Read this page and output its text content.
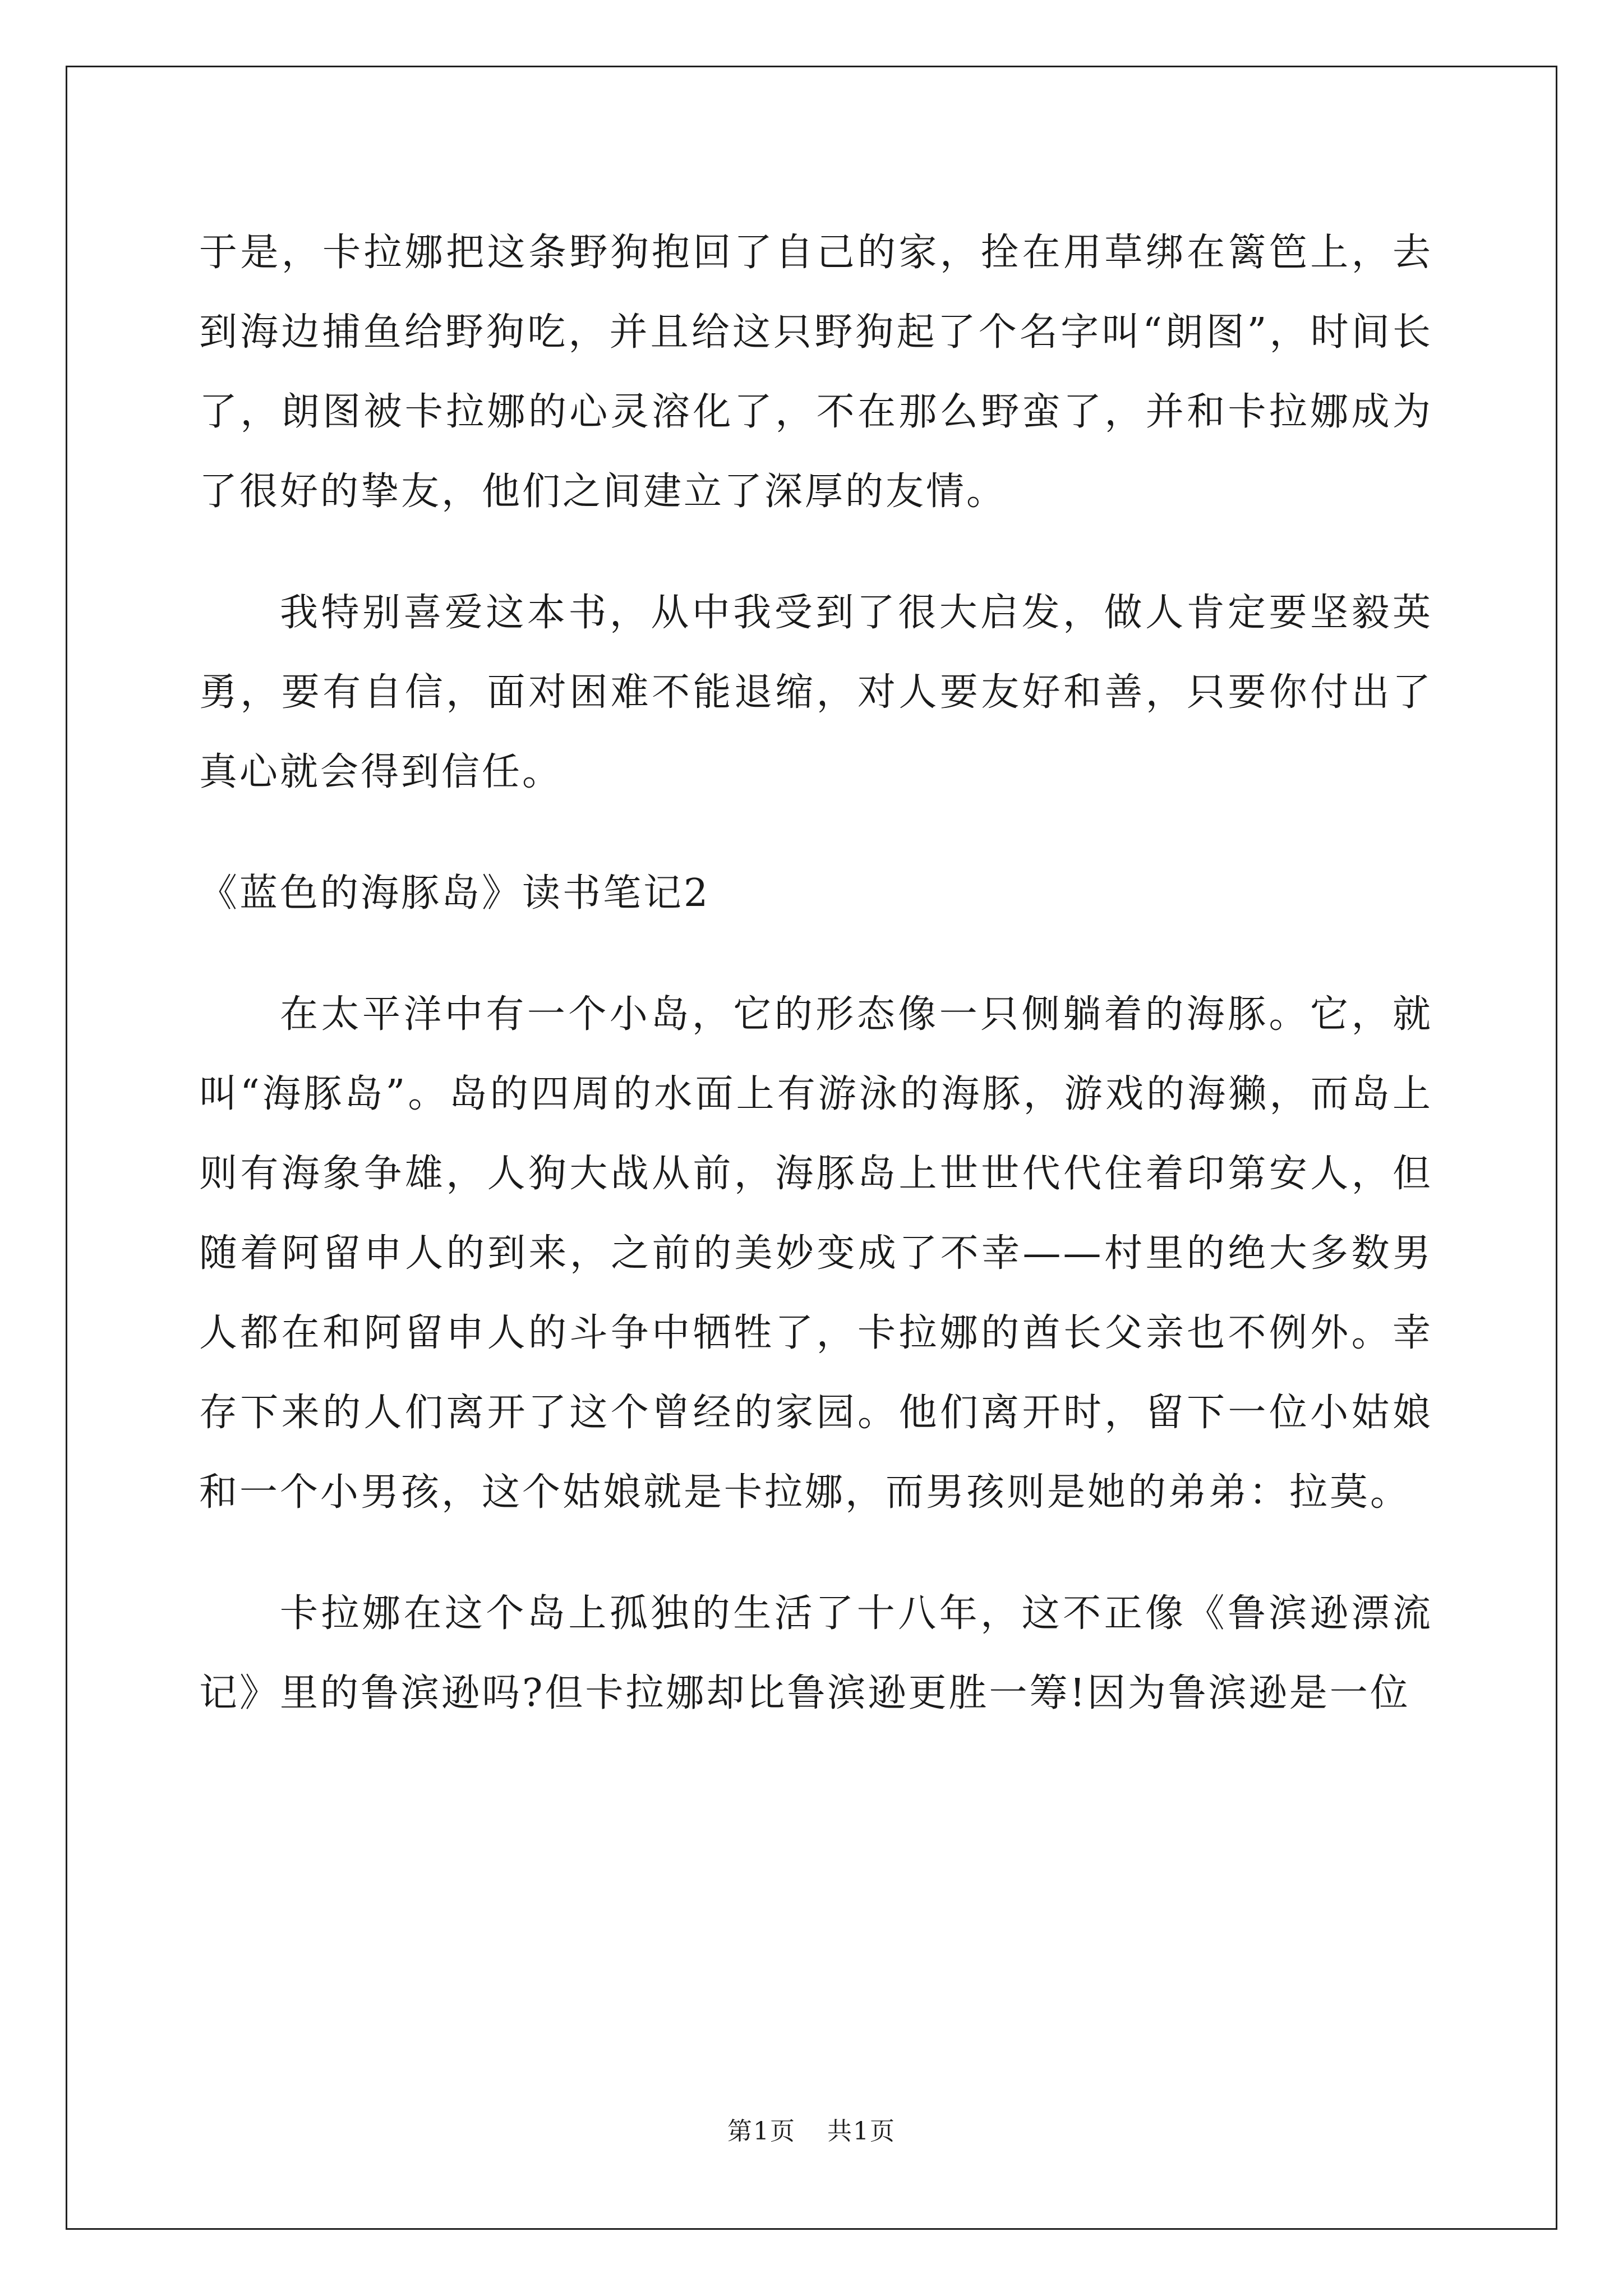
于是，卡拉娜把这条野狗抱回了自己的家，拴在用草绑在篱笆上，去到海边捕鱼给野狗吃，并且给这只野狗起了个名字叫“朗图”，时间长了，朗图被卡拉娜的心灵溶化了，不在那么野蛮了，并和卡拉娜成为了很好的挚友，他们之间建立了深厚的友情。

我特别喜爱这本书，从中我受到了很大启发，做人肯定要坚毅英勇，要有自信，面对困难不能退缩，对人要友好和善，只要你付出了真心就会得到信任。

《蓝色的海豚岛》读书笔记2

在太平洋中有一个小岛，它的形态像一只侧躺着的海豚。它，就叫“海豚岛”。岛的四周的水面上有游泳的海豚，游戏的海獭，而岛上则有海象争雄，人狗大战从前，海豚岛上世世代代住着印第安人，但随着阿留申人的到来，之前的美妙变成了不幸——村里的绝大多数男人都在和阿留申人的斗争中牺牲了，卡拉娜的酋长父亲也不例外。幸存下来的人们离开了这个曾经的家园。他们离开时，留下一位小姑娘和一个小男孩，这个姑娘就是卡拉娜，而男孩则是她的弟弟：拉莫。

卡拉娜在这个岛上孤独的生活了十八年，这不正像《鲁滨逊漂流记》里的鲁滨逊吗?但卡拉娜却比鲁滨逊更胜一筹!因为鲁滨逊是一位

第1页 共1页
